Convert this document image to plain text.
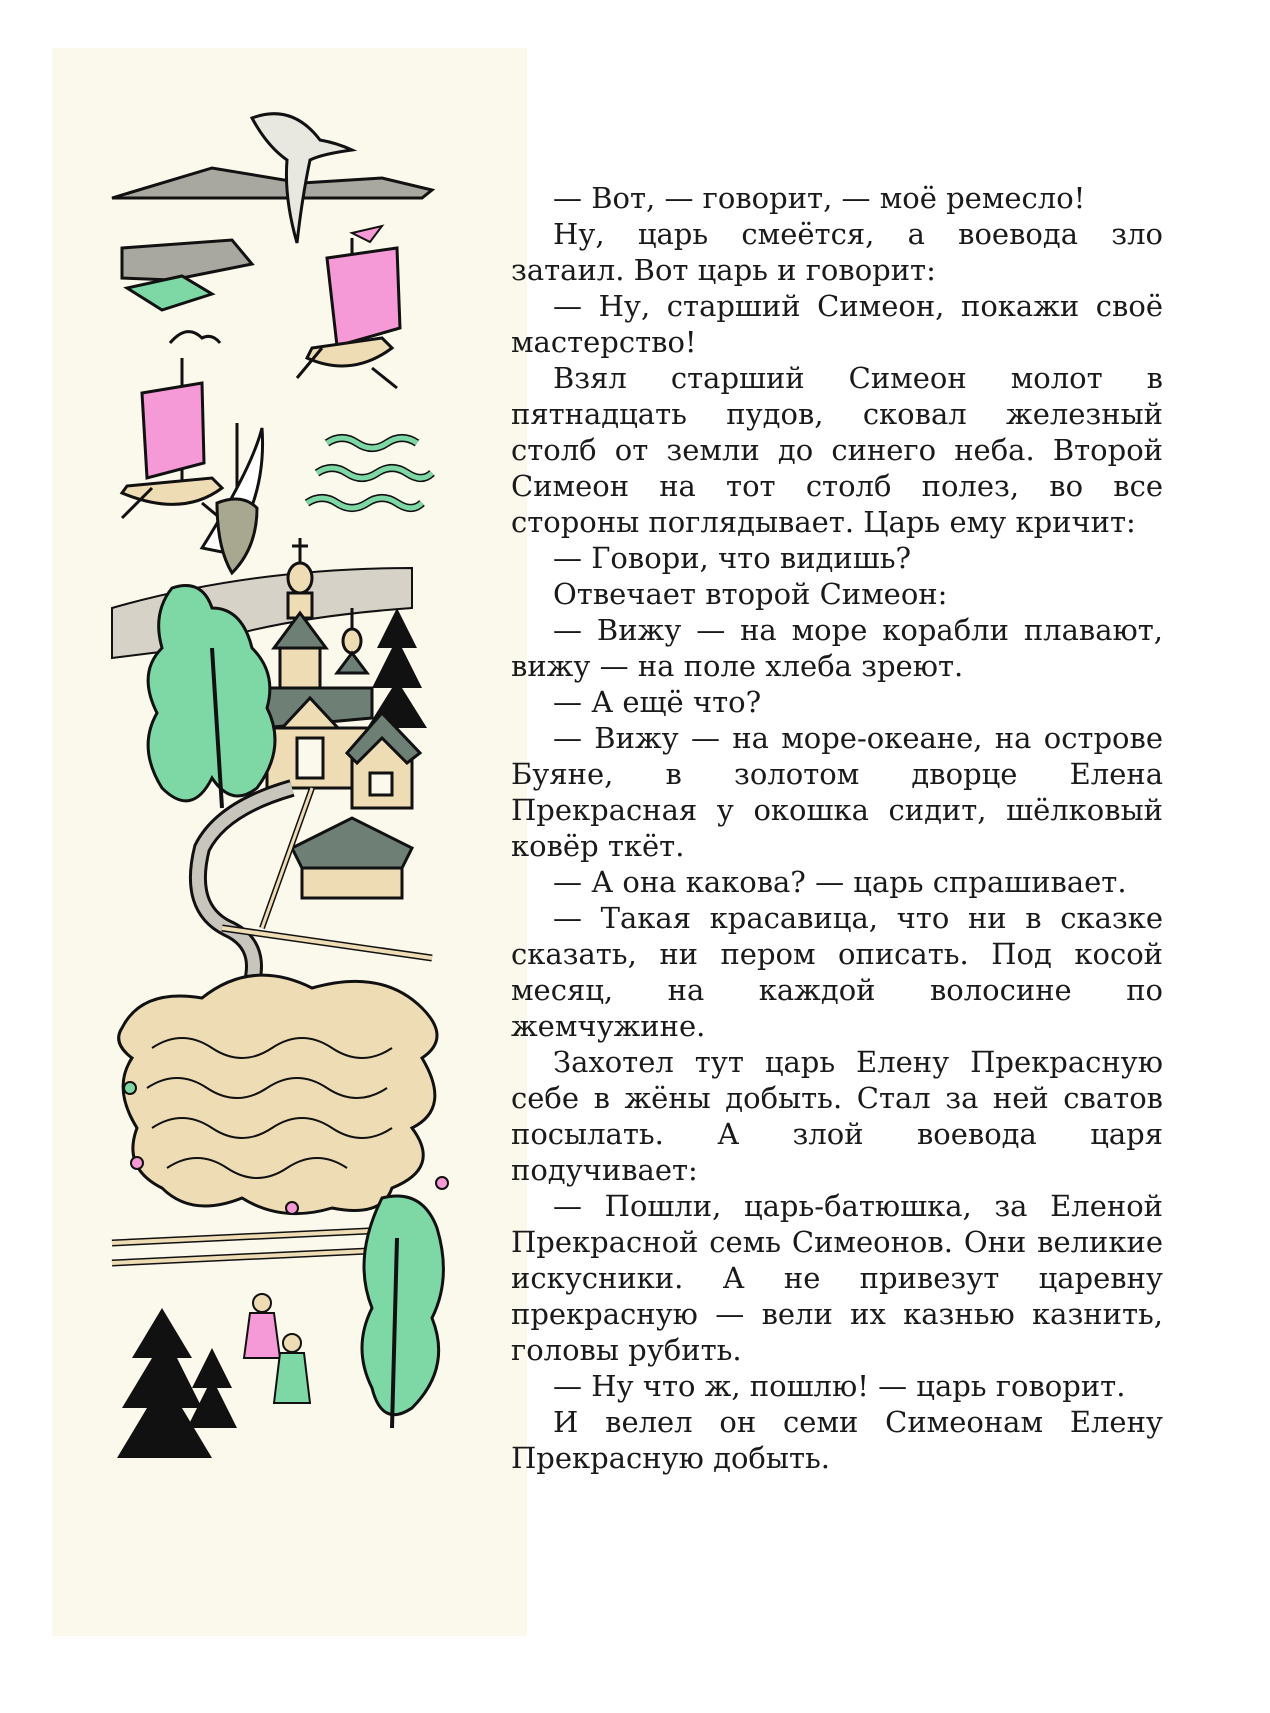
— Вот, — говорит, — моё ремесло!

Ну, царь смеётся, а воевода зло затаил. Вот царь и говорит:

— Ну, старший Симеон, покажи своё мастерство!

Взял старший Симеон молот в пятнадцать пудов, сковал железный столб от земли до синего неба. Второй Симеон на тот столб полез, во все стороны поглядывает. Царь ему кричит:

— Говори, что видишь?

Отвечает второй Симеон:

— Вижу — на море корабли плавают, вижу — на поле хлеба зреют.

— А ещё что?

— Вижу — на море-океане, на острове Буяне, в золотом дворце Елена Прекрасная у окошка сидит, шёлковый ковёр ткёт.

— А она какова? — царь спрашивает.

— Такая красавица, что ни в сказке сказать, ни пером описать. Под косой месяц, на каждой волосине по жемчужине.

Захотел тут царь Елену Прекрасную себе в жёны добыть. Стал за ней сватов посылать. А злой воевода царя подучивает:

— Пошли, царь-батюшка, за Еленой Прекрасной семь Симеонов. Они великие искусники. А не привезут царевну прекрасную — вели их казнью казнить, головы рубить.

— Ну что ж, пошлю! — царь говорит.

И велел он семи Симеонам Елену Прекрасную добыть.
